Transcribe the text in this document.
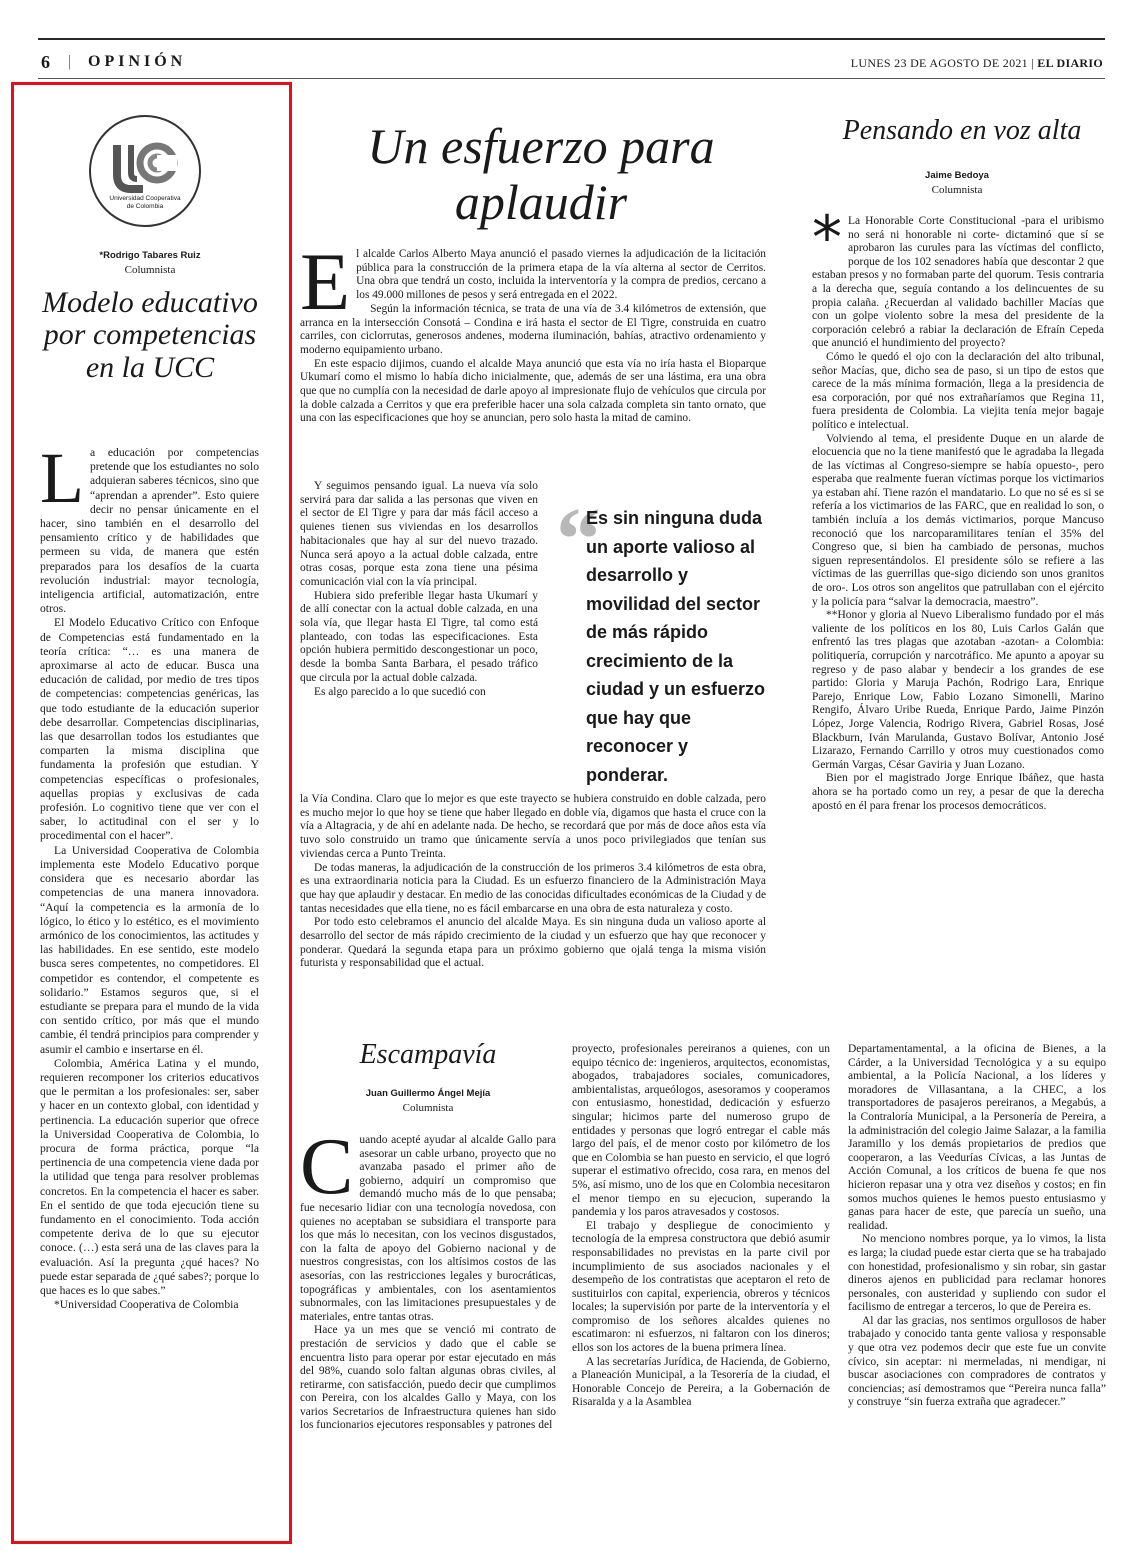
6 | OPINIÓN	LUNES 23 DE AGOSTO DE 2021 | EL DIARIO
Universidad Cooperativa
de Colombia
*Rodrigo Tabares Ruiz
Columnista
Modelo educativo por competencias en la UCC

La educación por competencias pretende que los estudiantes no solo adquieran saberes técnicos, sino que “aprendan a aprender”. Esto quiere decir no pensar únicamente en el hacer, sino también en el desarrollo del pensamiento crítico y de habilidades que permeen su vida, de manera que estén preparados para los desafíos de la cuarta revolución industrial: mayor tecnología, inteligencia artificial, automatización, entre otros.

El Modelo Educativo Crítico con Enfoque de Competencias está fundamentado en la teoría crítica: “… es una manera de aproximarse al acto de educar. Busca una educación de calidad, por medio de tres tipos de competencias: competencias genéricas, las que todo estudiante de la educación superior debe desarrollar. Competencias disciplinarias, las que desarrollan todos los estudiantes que comparten la misma disciplina que fundamenta la profesión que estudian. Y competencias específicas o profesionales, aquellas propias y exclusivas de cada profesión. Lo cognitivo tiene que ver con el saber, lo actitudinal con el ser y lo procedimental con el hacer”.

La Universidad Cooperativa de Colombia implementa este Modelo Educativo porque considera que es necesario abordar las competencias de una manera innovadora. “Aquí la competencia es la armonía de lo lógico, lo ético y lo estético, es el movimiento armónico de los conocimientos, las actitudes y las habilidades. En ese sentido, este modelo busca seres competentes, no competidores. El competidor es contendor, el competente es solidario.” Estamos seguros que, si el estudiante se prepara para el mundo de la vida con sentido crítico, por más que el mundo cambie, él tendrá principios para comprender y asumir el cambio e insertarse en él.

Colombia, América Latina y el mundo, requieren recomponer los criterios educativos que le permitan a los profesionales: ser, saber y hacer en un contexto global, con identidad y pertinencia. La educación superior que ofrece la Universidad Cooperativa de Colombia, lo procura de forma práctica, porque “la pertinencia de una competencia viene dada por la utilidad que tenga para resolver problemas concretos. En la competencia el hacer es saber. En el sentido de que toda ejecución tiene su fundamento en el conocimiento. Toda acción competente deriva de lo que su ejecutor conoce. (…) esta será una de las claves para la evaluación. Así la pregunta ¿qué haces? No puede estar separada de ¿qué sabes?; porque lo que haces es lo que sabes.”

*Universidad Cooperativa de Colombia

Un esfuerzo para aplaudir

El alcalde Carlos Alberto Maya anunció el pasado viernes la adjudicación de la licitación pública para la construcción de la primera etapa de la vía alterna al sector de Cerritos. Una obra que tendrá un costo, incluida la interventoría y la compra de predios, cercano a los 49.000 millones de pesos y será entregada en el 2022.

Según la información técnica, se trata de una vía de 3.4 kilómetros de extensión, que arranca en la intersección Consotá – Condina e irá hasta el sector de El Tigre, construida en cuatro carriles, con ciclorrutas, generosos andenes, moderna iluminación, bahías, atractivo ordenamiento y moderno equipamiento urbano.

En este espacio dijimos, cuando el alcalde Maya anunció que esta vía no iría hasta el Bioparque Ukumarí como el mismo lo había dicho inicialmente, que, además de ser una lástima, era una obra que que no cumplía con la necesidad de darle apoyo al impresionate flujo de vehículos que circula por la doble calzada a Cerritos y que era preferible hacer una sola calzada completa sin tanto ornato, que una con las especificaciones que hoy se anuncian, pero solo hasta la mitad de camino.

Y seguimos pensando igual. La nueva vía solo servirá para dar salida a las personas que viven en el sector de El Tigre y para dar más fácil acceso a quienes tienen sus viviendas en los desarrollos habitacionales que hay al sur del nuevo trazado. Nunca será apoyo a la actual doble calzada, entre otras cosas, porque esta zona tiene una pésima comunicación vial con la vía principal.

Hubiera sido preferible llegar hasta Ukumarí y de allí conectar con la actual doble calzada, en una sola vía, que llegar hasta El Tigre, tal como está planteado, con todas las especificaciones. Esta opción hubiera permitido descongestionar un poco, desde la bomba Santa Barbara, el pesado tráfico que circula por la actual doble calzada.

Es algo parecido a lo que sucedió con

“
Es sin ninguna duda un aporte valioso al desarrollo y movilidad del sector de más rápido crecimiento de la ciudad y un esfuerzo que hay que reconocer y ponderar.

la Vía Condina. Claro que lo mejor es que este trayecto se hubiera construido en doble calzada, pero es mucho mejor lo que hoy se tiene que haber llegado en doble vía, digamos que hasta el cruce con la vía a Altagracia, y de ahí en adelante nada. De hecho, se recordará que por más de doce años esta vía tuvo solo construido un tramo que únicamente servía a unos poco privilegiados que tenían sus viviendas cerca a Punto Treinta.

De todas maneras, la adjudicación de la construcción de los primeros 3.4 kilómetros de esta obra, es una extraordinaria noticia para la Ciudad. Es un esfuerzo financiero de la Administración Maya que hay que aplaudir y destacar. En medio de las conocidas dificultades económicas de la Ciudad y de tantas necesidades que ella tiene, no es fácil embarcarse en una obra de esta naturaleza y costo.

Por todo esto celebramos el anuncio del alcalde Maya. Es sin ninguna duda un valioso aporte al desarrollo del sector de más rápido crecimiento de la ciudad y un esfuerzo que hay que reconocer y ponderar. Quedará la segunda etapa para un próximo gobierno que ojalá tenga la misma visión futurista y responsabilidad que el actual.

Pensando en voz alta
Jaime Bedoya
Columnista

* La Honorable Corte Constitucional -para el uribismo no será ni honorable ni corte- dictaminó que sí se aprobaron las curules para las víctimas del conflicto, porque de los 102 senadores había que descontar 2 que estaban presos y no formaban parte del quorum. Tesis contraria a la derecha que, seguía contando a los delincuentes de su propia calaña. ¿Recuerdan al validado bachiller Macías que con un golpe violento sobre la mesa del presidente de la corporación celebró a rabiar la declaración de Efraín Cepeda que anunció el hundimiento del proyecto?

Cómo le quedó el ojo con la declaración del alto tribunal, señor Macías, que, dicho sea de paso, si un tipo de estos que carece de la más mínima formación, llega a la presidencia de esa corporación, por qué nos extrañaríamos que Regina 11, fuera presidenta de Colombia. La viejita tenía mejor bagaje político e intelectual.

Volviendo al tema, el presidente Duque en un alarde de elocuencia que no la tiene manifestó que le agradaba la llegada de las víctimas al Congreso-siempre se había opuesto-, pero esperaba que realmente fueran víctimas porque los victimarios ya estaban ahí. Tiene razón el mandatario. Lo que no sé es si se refería a los victimarios de las FARC, que en realidad lo son, o también incluía a los demás victimarios, porque Mancuso reconoció que los narcoparamilitares tenían el 35% del Congreso que, si bien ha cambiado de personas, muchos siguen representándolos. El presidente sólo se refiere a las víctimas de las guerrillas que-sigo diciendo son unos granitos de oro-. Los otros son angelitos que patrullaban con el ejército y la policía para “salvar la democracia, maestro”.

**Honor y gloria al Nuevo Liberalismo fundado por el más valiente de los políticos en los 80, Luis Carlos Galán que enfrentó las tres plagas que azotaban -azotan- a Colombia: politiquería, corrupción y narcotráfico. Me apunto a apoyar su regreso y de paso alabar y bendecir a los grandes de ese partido: Gloria y Maruja Pachón, Rodrigo Lara, Enrique Parejo, Enrique Low, Fabio Lozano Simonelli, Marino Rengifo, Álvaro Uribe Rueda, Enrique Pardo, Jaime Pinzón López, Jorge Valencia, Rodrigo Rivera, Gabriel Rosas, José Blackburn, Iván Marulanda, Gustavo Bolívar, Antonio José Lizarazo, Fernando Carrillo y otros muy cuestionados como Germán Vargas, César Gaviria y Juan Lozano.

Bien por el magistrado Jorge Enrique Ibáñez, que hasta ahora se ha portado como un rey, a pesar de que la derecha apostó en él para frenar los procesos democráticos.

Escampavía
Juan Guillermo Ángel Mejía
Columnista

Cuando acepté ayudar al alcalde Gallo para asesorar un cable urbano, proyecto que no avanzaba pasado el primer año de gobierno, adquirí un compromiso que demandó mucho más de lo que pensaba; fue necesario lidiar con una tecnología novedosa, con quienes no aceptaban se subsidiara el transporte para los que más lo necesitan, con los vecinos disgustados, con la falta de apoyo del Gobierno nacional y de nuestros congresistas, con los altísimos costos de las asesorías, con las restricciones legales y burocráticas, topográficas y ambientales, con los asentamientos subnormales, con las limitaciones presupuestales y de materiales, entre tantas otras.

Hace ya un mes que se venció mi contrato de prestación de servicios y dado que el cable se encuentra listo para operar por estar ejecutado en más del 98%, cuando solo faltan algunas obras civiles, al retirarme, con satisfacción, puedo decir que cumplimos con Pereira, con los alcaldes Gallo y Maya, con los varios Secretarios de Infraestructura quienes han sido los funcionarios ejecutores responsables y patrones del

proyecto, profesionales pereiranos a quienes, con un equipo técnico de: ingenieros, arquitectos, economistas, abogados, trabajadores sociales, comunicadores, ambientalistas, arqueólogos, asesoramos y cooperamos con entusiasmo, honestidad, dedicación y esfuerzo singular; hicimos parte del numeroso grupo de entidades y personas que logró entregar el cable más largo del país, el de menor costo por kilómetro de los que en Colombia se han puesto en servicio, el que logró superar el estimativo ofrecido, cosa rara, en menos del 5%, así mismo, uno de los que en Colombia necesitaron el menor tiempo en su ejecucion, superando la pandemia y los paros atravesados y costosos.

El trabajo y despliegue de conocimiento y tecnología de la empresa constructora que debió asumir responsabilidades no previstas en la parte civil por incumplimiento de sus asociados nacionales y el desempeño de los contratistas que aceptaron el reto de sustituirlos con capital, experiencia, obreros y técnicos locales; la supervisión por parte de la interventoría y el compromiso de los señores alcaldes quienes no escatimaron: ni esfuerzos, ni faltaron con los dineros; ellos son los actores de la buena primera línea.

A las secretarías Jurídica, de Hacienda, de Gobierno, a Planeación Municipal, a la Tesorería de la ciudad, el Honorable Concejo de Pereira, a la Gobernación de Risaralda y a la Asamblea

Departamentamental, a la oficina de Bienes, a la Cárder, a la Universidad Tecnológica y a su equipo ambiental, a la Policía Nacional, a los líderes y moradores de Villasantana, a la CHEC, a los transportadores de pasajeros pereiranos, a Megabús, a la Contraloría Municipal, a la Personería de Pereira, a la administración del colegio Jaime Salazar, a la familia Jaramillo y los demás propietarios de predios que cooperaron, a las Veedurías Cívicas, a las Juntas de Acción Comunal, a los críticos de buena fe que nos hicieron repasar una y otra vez diseños y costos; en fin somos muchos quienes le hemos puesto entusiasmo y ganas para hacer de este, que parecía un sueño, una realidad.

No menciono nombres porque, ya lo vimos, la lista es larga; la ciudad puede estar cierta que se ha trabajado con honestidad, profesionalismo y sin robar, sin gastar dineros ajenos en publicidad para reclamar honores personales, con austeridad y supliendo con sudor el facilismo de entregar a terceros, lo que de Pereira es.

Al dar las gracias, nos sentimos orgullosos de haber trabajado y conocido tanta gente valiosa y responsable y que otra vez podemos decir que este fue un convite cívico, sin aceptar: ni mermeladas, ni mendigar, ni buscar asociaciones con compradores de contratos y conciencias; así demostramos que “Pereira nunca falla” y construye “sin fuerza extraña que agradecer.”
